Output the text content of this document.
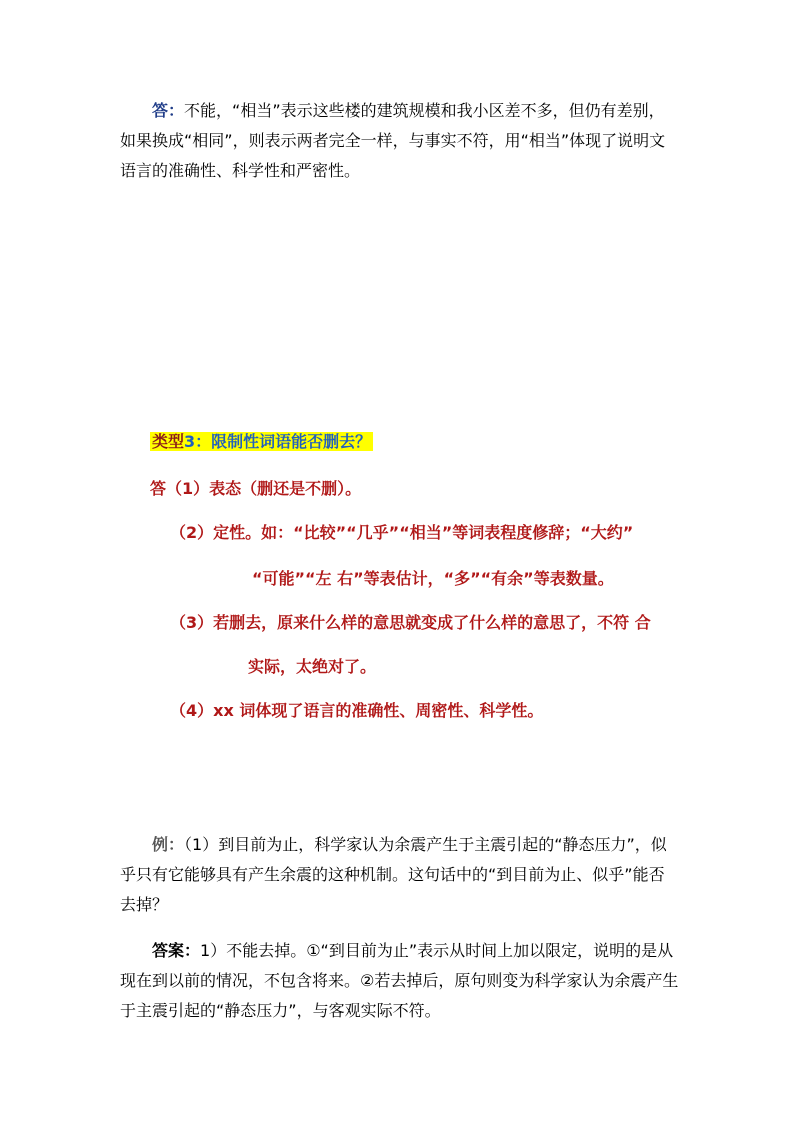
答：不能，“相当”表示这些楼的建筑规模和我小区差不多，但仍有差别，如果换成“相同”，则表示两者完全一样，与事实不符，用“相当”体现了说明文语言的准确性、科学性和严密性。
类型3：限制性词语能否删去？
答（1）表态（删还是不删）。
（2）定性。如：“比较”“几乎”“相当”等词表程度修辞；“大约”
“可能”“左 右”等表估计，“多”“有余”等表数量。
（3）若删去，原来什么样的意思就变成了什么样的意思了，不符 合
实际，太绝对了。
（4）xx 词体现了语言的准确性、周密性、科学性。
例：（1）到目前为止，科学家认为余震产生于主震引起的“静态压力”，似乎只有它能够具有产生余震的这种机制。这句话中的“到目前为止、似乎”能否去掉？
答案：1）不能去掉。①“到目前为止”表示从时间上加以限定，说明的是从现在到以前的情况，不包含将来。②若去掉后，原句则变为科学家认为余震产生于主震引起的“静态压力”，与客观实际不符。
